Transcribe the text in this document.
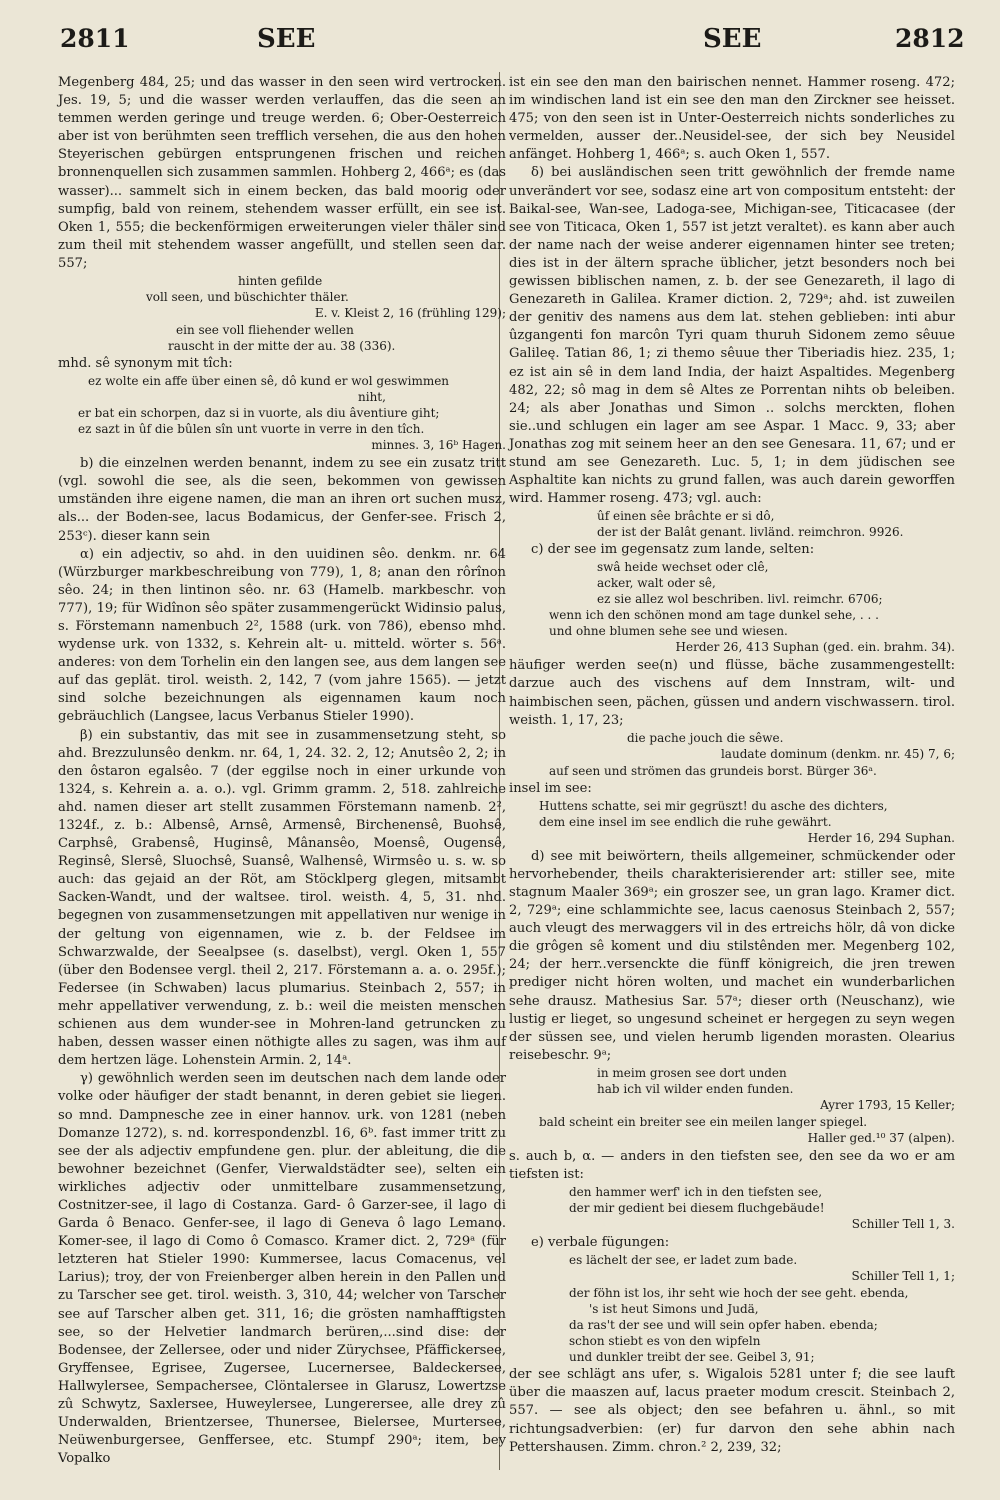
2811	SEE	SEE	2812

Megenberg 484, 25; und das wasser in den seen wird vertrocken. Jes. 19, 5; und die wasser werden verlauffen, das die seen an temmen werden geringe und treuge werden. 6; Ober-Oesterreich aber ist von berühmten seen trefflich versehen, die aus den hohen Steyerischen gebürgen entsprungenen frischen und reichen bronnenquellen sich zusammen sammlen. Hohberg 2, 466ᵃ; es (das wasser)... sammelt sich in einem becken, das bald moorig oder sumpfig, bald von reinem, stehendem wasser erfüllt, ein see ist. Oken 1, 555; die beckenförmigen erweiterungen vieler thäler sind zum theil mit stehendem wasser angefüllt, und stellen seen dar. 557;

hinten gefilde
voll seen, und büschichter thäler.
E. v. Kleist 2, 16 (frühling 129);
ein see voll fliehender wellen
rauscht in der mitte der au. 38 (336).

mhd. sê synonym mit tîch:

ez wolte ein affe über einen sê, dô kund er wol geswimmen
niht,
er bat ein schorpen, daz si in vuorte, als diu âventiure giht;
ez sazt in ûf die bûlen sîn unt vuorte in verre in den tîch.
minnes. 3, 16ᵇ Hagen.

b) die einzelnen werden benannt, indem zu see ein zusatz tritt (vgl. sowohl die see, als die seen, bekommen von gewissen umständen ihre eigene namen, die man an ihren ort suchen musz, als... der Boden-see, lacus Bodamicus, der Genfer-see. Frisch 2, 253ᶜ). dieser kann sein

α) ein adjectiv, so ahd. in den uuidinen sêo. denkm. nr. 64 (Würzburger markbeschreibung von 779), 1, 8; anan den rôrînon sêo. 24; in then lintinon sêo. nr. 63 (Hamelb. markbeschr. von 777), 19; für Widînon sêo später zusammengerückt Widinsio palus, s. Förstemann namenbuch 2², 1588 (urk. von 786), ebenso mhd. wydense urk. von 1332, s. Kehrein alt- u. mitteld. wörter s. 56ᵃ. anderes: von dem Torhelin ein den langen see, aus dem langen see auf das geplät. tirol. weisth. 2, 142, 7 (vom jahre 1565). — jetzt sind solche bezeichnungen als eigennamen kaum noch gebräuchlich (Langsee, lacus Verbanus Stieler 1990).

β) ein substantiv, das mit see in zusammensetzung steht, so ahd. Brezzulunsêo denkm. nr. 64, 1, 24. 32. 2, 12; Anutsêo 2, 2; in den ôstaron egalsêo. 7 (der eggilse noch in einer urkunde von 1324, s. Kehrein a. a. o.). vgl. Grimm gramm. 2, 518. zahlreiche ahd. namen dieser art stellt zusammen Förstemann namenb. 2², 1324f., z. b.: Albensê, Arnsê, Armensê, Birchenensê, Buohsê, Carphsê, Grabensê, Huginsê, Mânansêo, Moensê, Ougensê, Reginsê, Slersê, Sluochsê, Suansê, Walhensê, Wirmsêo u. s. w. so auch: das gejaid an der Röt, am Stöcklperg glegen, mitsambt Sacken-Wandt, und der waltsee. tirol. weisth. 4, 5, 31. nhd. begegnen von zusammensetzungen mit appellativen nur wenige in der geltung von eigennamen, wie z. b. der Feldsee im Schwarzwalde, der Seealpsee (s. daselbst), vergl. Oken 1, 557 (über den Bodensee vergl. theil 2, 217. Förstemann a. a. o. 295f.); Federsee (in Schwaben) lacus plumarius. Steinbach 2, 557; in mehr appellativer verwendung, z. b.: weil die meisten menschen schienen aus dem wunder-see in Mohren-land getruncken zu haben, dessen wasser einen nöthigte alles zu sagen, was ihm auf dem hertzen läge. Lohenstein Armin. 2, 14ᵃ.

γ) gewöhnlich werden seen im deutschen nach dem lande oder volke oder häufiger der stadt benannt, in deren gebiet sie liegen. so mnd. Dampnesche zee in einer hannov. urk. von 1281 (neben Domanze 1272), s. nd. korrespondenzbl. 16, 6ᵇ. fast immer tritt zu see der als adjectiv empfundene gen. plur. der ableitung, die die bewohner bezeichnet (Genfer, Vierwaldstädter see), selten ein wirkliches adjectiv oder unmittelbare zusammensetzung, Costnitzer-see, il lago di Costanza. Gard- ô Garzer-see, il lago di Garda ô Benaco. Genfer-see, il lago di Geneva ô lago Lemano. Komer-see, il lago di Como ô Comasco. Kramer dict. 2, 729ᵃ (für letzteren hat Stieler 1990: Kummersee, lacus Comacenus, vel Larius); troy, der von Freienberger alben herein in den Pallen und zu Tarscher see get. tirol. weisth. 3, 310, 44; welcher von Tarscher see auf Tarscher alben get. 311, 16; die grösten namhafftigsten see, so der Helvetier landmarch berüren,...sind dise: der Bodensee, der Zellersee, oder und nider Zürychsee, Pfäffickersee, Gryffensee, Egrisee, Zugersee, Lucernersee, Baldeckersee, Hallwylersee, Sempachersee, Clöntalersee in Glarusz, Lowertzse zû Schwytz, Saxlersee, Huweylersee, Lungerersee, alle drey zû Underwalden, Brientzersee, Thunersee, Bielersee, Murtersee, Neüwenburgersee, Genffersee, etc. Stumpf 290ᵃ; item, bey Vopalko

ist ein see den man den bairischen nennet. Hammer roseng. 472; im windischen land ist ein see den man den Zirckner see heisset. 475; von den seen ist in Unter-Oesterreich nichts sonderliches zu vermelden, ausser der..Neusidel-see, der sich bey Neusidel anfänget. Hohberg 1, 466ᵃ; s. auch Oken 1, 557.

δ) bei ausländischen seen tritt gewöhnlich der fremde name unverändert vor see, sodasz eine art von compositum entsteht: der Baikal-see, Wan-see, Ladoga-see, Michigan-see, Titicacasee (der see von Titicaca, Oken 1, 557 ist jetzt veraltet). es kann aber auch der name nach der weise anderer eigennamen hinter see treten; dies ist in der ältern sprache üblicher, jetzt besonders noch bei gewissen biblischen namen, z. b. der see Genezareth, il lago di Genezareth in Galilea. Kramer diction. 2, 729ᵃ; ahd. ist zuweilen der genitiv des namens aus dem lat. stehen geblieben: inti abur ûzgangenti fon marcôn Tyri quam thuruh Sidonem zemo sêuue Galileę. Tatian 86, 1; zi themo sêuue ther Tiberiadis hiez. 235, 1; ez ist ain sê in dem land India, der haizt Aspaltides. Megenberg 482, 22; sô mag in dem sê Altes ze Porrentan nihts ob beleiben. 24; als aber Jonathas und Simon .. solchs merckten, flohen sie..und schlugen ein lager am see Aspar. 1 Macc. 9, 33; aber Jonathas zog mit seinem heer an den see Genesara. 11, 67; und er stund am see Genezareth. Luc. 5, 1; in dem jüdischen see Asphaltite kan nichts zu grund fallen, was auch darein geworffen wird. Hammer roseng. 473; vgl. auch:

ûf einen sêe brâchte er si dô,
der ist der Balât genant. livländ. reimchron. 9926.

c) der see im gegensatz zum lande, selten:

swâ heide wechset oder clê,
acker, walt oder sê,
ez sie allez wol beschriben. livl. reimchr. 6706;
wenn ich den schönen mond am tage dunkel sehe, . . .
und ohne blumen sehe see und wiesen.
Herder 26, 413 Suphan (ged. ein. brahm. 34).

häufiger werden see(n) und flüsse, bäche zusammengestellt: darzue auch des vischens auf dem Innstram, wilt- und haimbischen seen, pächen, güssen und andern vischwassern. tirol. weisth. 1, 17, 23;

die pache jouch die sêwe.
laudate dominum (denkm. nr. 45) 7, 6;
auf seen und strömen das grundeis borst. Bürger 36ᵃ.

insel im see:

Huttens schatte, sei mir gegrüszt! du asche des dichters,
dem eine insel im see endlich die ruhe gewährt.
Herder 16, 294 Suphan.

d) see mit beiwörtern, theils allgemeiner, schmückender oder hervorhebender, theils charakterisierender art: stiller see, mite stagnum Maaler 369ᵃ; ein groszer see, un gran lago. Kramer dict. 2, 729ᵃ; eine schlammichte see, lacus caenosus Steinbach 2, 557; auch vleugt des merwaggers vil in des ertreichs hölr, dâ von dicke die grôgen sê koment und diu stilstênden mer. Megenberg 102, 24; der herr..versenckte die fünff königreich, die jren trewen prediger nicht hören wolten, und machet ein wunderbarlichen sehe drausz. Mathesius Sar. 57ᵃ; dieser orth (Neuschanz), wie lustig er lieget, so ungesund scheinet er hergegen zu seyn wegen der süssen see, und vielen herumb ligenden morasten. Olearius reisebeschr. 9ᵃ;

in meim grosen see dort unden
hab ich vil wilder enden funden.
Ayrer 1793, 15 Keller;
bald scheint ein breiter see ein meilen langer spiegel.
Haller ged.¹⁰ 37 (alpen).

s. auch b, α. — anders in den tiefsten see, den see da wo er am tiefsten ist:

den hammer werf' ich in den tiefsten see,
der mir gedient bei diesem fluchgebäude!
Schiller Tell 1, 3.

e) verbale fügungen:

es lächelt der see, er ladet zum bade.
Schiller Tell 1, 1;
der föhn ist los, ihr seht wie hoch der see geht. ebenda,
's ist heut Simons und Judä,
da ras't der see und will sein opfer haben. ebenda;
schon stiebt es von den wipfeln
und dunkler treibt der see. Geibel 3, 91;

der see schlägt ans ufer, s. Wigalois 5281 unter f; die see lauft über die maaszen auf, lacus praeter modum crescit. Steinbach 2, 557. — see als object; den see befahren u. ähnl., so mit richtungsadverbien: (er) fur darvon den sehe abhin nach Pettershausen. Zimm. chron.² 2, 239, 32;
